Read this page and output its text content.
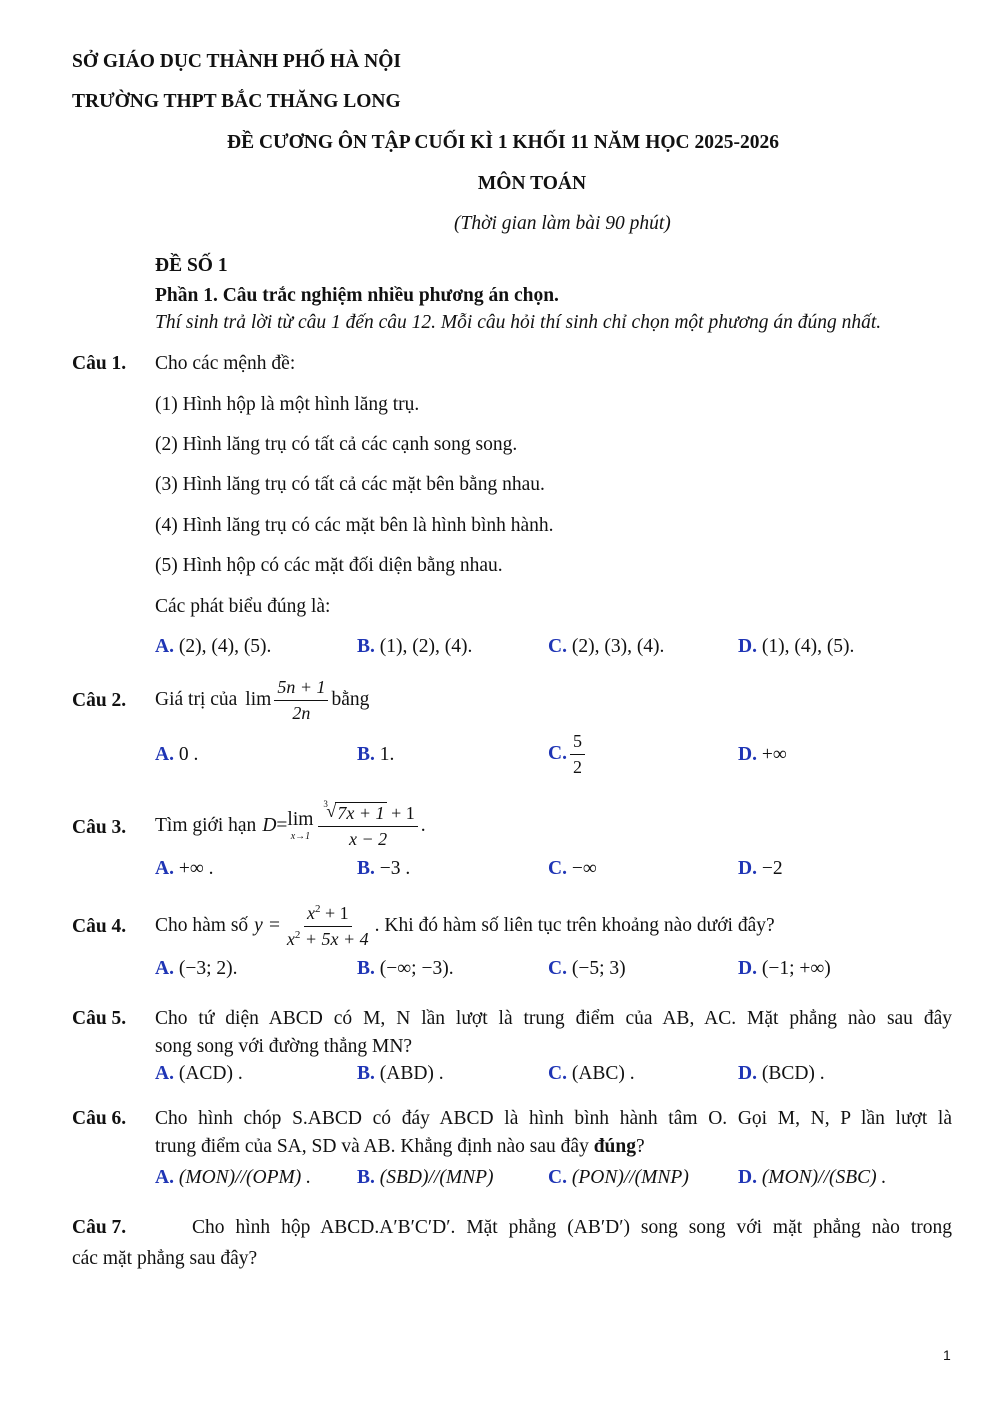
SỞ GIÁO DỤC THÀNH PHỐ HÀ NỘI
TRƯỜNG THPT BẮC THĂNG LONG
ĐỀ CƯƠNG ÔN TẬP CUỐI KÌ 1 KHỐI 11 NĂM HỌC 2025-2026
MÔN TOÁN
(Thời gian làm bài 90 phút)
ĐỀ SỐ 1
Phần 1. Câu trắc nghiệm nhiều phương án chọn.
Thí sinh trả lời từ câu 1 đến câu 12. Mỗi câu hỏi thí sinh chỉ chọn một phương án đúng nhất.
Câu 1. Cho các mệnh đề:
(1) Hình hộp là một hình lăng trụ.
(2) Hình lăng trụ có tất cả các cạnh song song.
(3) Hình lăng trụ có tất cả các mặt bên bằng nhau.
(4) Hình lăng trụ có các mặt bên là hình bình hành.
(5) Hình hộp có các mặt đối diện bằng nhau.
Các phát biểu đúng là:
A. (2), (4), (5).	B. (1), (2), (4).	C. (2), (3), (4).	D. (1), (4), (5).
Câu 2. Giá trị của $\lim \frac{5n + 1}{2n}$ bằng
A. 0 .	B. 1.	C. $\frac{5}{2}$	D. +∞
Câu 3. Tìm giới hạn D = lim
x→1 3
√ 7x + 1 + 1
x − 2 .
A. +∞ .	B. −3 .	C. −∞	D. −2
Câu 4. Cho hàm số $y = \frac{x^2 + 1}{x^2 + 5x + 4}$ . Khi đó hàm số liên tục trên khoảng nào dưới đây?
A. (−3; 2).	B. (−∞; −3).	C. (−5; 3)	D. (−1; +∞)
Câu 5. Cho tứ diện ABCD có M, N lần lượt là trung điểm của AB, AC. Mặt phẳng nào sau đây
song song với đường thẳng MN?
A. (ACD) .	B. (ABD) .	C. (ABC) .	D. (BCD) .
Câu 6. Cho hình chóp S.ABCD có đáy ABCD là hình bình hành tâm O. Gọi M, N, P lần lượt là
trung điểm của SA, SD và AB. Khẳng định nào sau đây đúng?
A. (MON)//(OPM) . B. (SBD)//(MNP)	C. (PON)//(MNP)	D. (MON)//(SBC) .
Câu 7.	Cho hình hộp ABCD.A′B′C′D′. Mặt phẳng (AB′D′) song song với mặt phẳng nào trong
các mặt phẳng sau đây?
1
